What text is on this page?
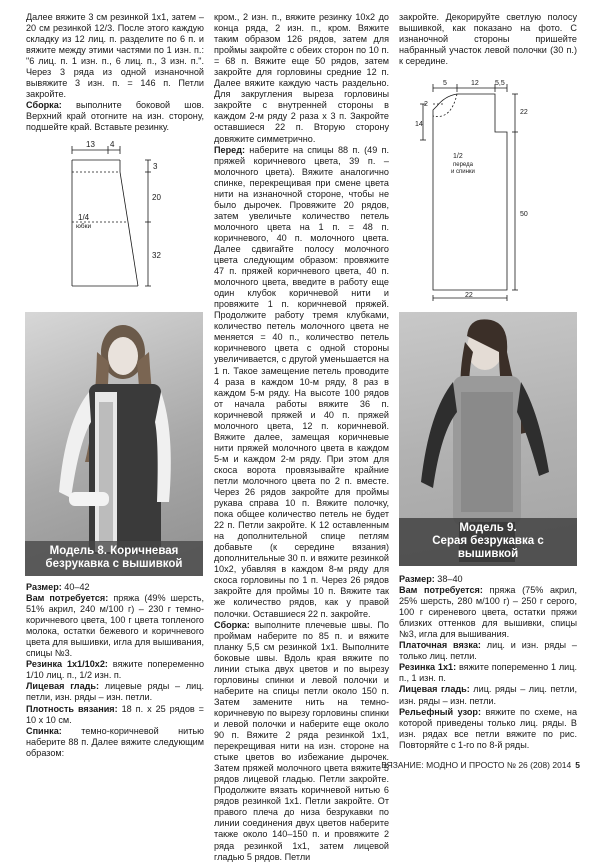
Далее вяжите 3 см резинкой 1х1, затем – 20 см резинкой 12/3. После этого каждую складку из 12 лиц. п. разделите по 6 п. и вяжите между этими частями по 1 изн. п.: "6 лиц. п. 1 изн. п., 6 лиц. п., 3 изн. п.". Через 3 ряда из одной изнаночной вывяжите 3 изн. п. = 146 п. Петли закройте.

Сборка: выполните боковой шов. Верхний край отогните на изн. сторону, подшейте край. Вставьте резинку.

13 4
3
20
1/4
юбки
32
Модель 8. Коричневая
безрукавка с вышивкой

Размер: 40–42

Вам потребуется: пряжа (49% шерсть, 51% акрил, 240 м/100 г) – 230 г темно-коричневого цвета, 100 г цвета топленого молока, остатки бежевого и коричневого цвета для вышивки, игла для вышивания, спицы №3.

Резинка 1х1/10х2: вяжите попеременно 1/10 лиц. п., 1/2 изн. п.

Лицевая гладь: лицевые ряды – лиц. петли, изн. ряды – изн. петли.

Плотность вязания: 18 п. х 25 рядов = 10 х 10 см.

Спинка: темно-коричневой нитью наберите 88 п. Далее вяжите следующим образом:

кром., 2 изн. п., вяжите резинку 10х2 до конца ряда, 2 изн. п., кром. Вяжите таким образом 126 рядов, затем для проймы закройте с обеих сторон по 10 п. = 68 п. Вяжите еще 50 рядов, затем закройте для горловины средние 12 п. Далее вяжите каждую часть раздельно. Для закругления выреза горловины закройте с внутренней стороны в каждом 2-м ряду 2 раза х 3 п. Закройте оставшиеся 22 п. Вторую сторону довяжите симметрично.

Перед: наберите на спицы 88 п. (49 п. пряжей коричневого цвета, 39 п. – молочного цвета). Вяжите аналогично спинке, перекрещивая при смене цвета нити на изнаночной стороне, чтобы не было дырочек. Провяжите 20 рядов, затем увеличьте количество петель молочного цвета на 1 п. = 48 п. коричневого, 40 п. молочного цвета. Далее сдвигайте полосу молочного цвета следующим образом: провяжите 47 п. пряжей коричневого цвета, 40 п. молочного цвета, введите в работу еще один клубок коричневой нити и провяжите 1 п. коричневой пряжей. Продолжите работу тремя клубками, количество петель молочного цвета не меняется = 40 п., количество петель коричневого цвета с одной стороны увеличивается, с другой уменьшается на 1 п. Такое замещение петель проводите 4 раза в каждом 10-м ряду, 8 раз в каждом 5-м ряду. На высоте 100 рядов от начала работы вяжите 36 п. коричневой пряжей и 40 п. пряжей молочного цвета, 12 п. коричневой. Вяжите далее, замещая коричневые нити пряжей молочного цвета в каждом 5-м и каждом 2-м ряду. При этом для скоса ворота провязывайте крайние петли молочного цвета по 2 п. вместе. Через 26 рядов закройте для проймы рукава справа 10 п. Вяжите полочку, пока общее количество петель не будет 22 п. Петли закройте. К 12 оставленным на дополнительной спице петлям добавьте (к середине вязания) дополнительные 30 п. и вяжите резинкой 10х2, убавляя в каждом 8-м ряду для скоса горловины по 1 п. Через 26 рядов закройте для проймы 10 п. Вяжите так же количество рядов, как у правой полочки. Оставшиеся 22 п. закройте.

Сборка: выполните плечевые швы. По проймам наберите по 85 п. и вяжите планку 5,5 см резинкой 1х1. Выполните боковые швы. Вдоль края вяжите по линии стыка двух цветов и по вырезу горловины спинки и левой полочки и наберите на спицы петли около 150 п. Затем замените нить на темно-коричневую по вырезу горловины спинки и левой полочки и наберите еще около 90 п. Вяжите 2 ряда резинкой 1х1, перекрещивая нити на изн. стороне на стыке цветов во избежание дырочек. Затем пряжей молочного цвета вяжите 5 рядов лицевой гладью. Петли закройте. Продолжите вязать коричневой нитью 6 рядов резинкой 1х1. Петли закройте. От правого плеча до низа безрукавки по линии соединения двух цветов наберите также около 140–150 п. и провяжите 2 ряда резинкой 1х1, затем лицевой гладью 5 рядов. Петли

закройте. Декорируйте светлую полосу вышивкой, как показано на фото. С изнаночной стороны пришейте набранный участок левой полочки (30 п.) к середине.

5	12 5,5
2
14
22
1/2
переда
и спинки
50
22
Модель 9.
Серая безрукавка с вышивкой

Размер: 38–40

Вам потребуется: пряжа (75% акрил, 25% шерсть, 280 м/100 г) – 250 г серого, 100 г сиреневого цвета, остатки пряжи близких оттенков для вышивки, спицы №3, игла для вышивания.

Платочная вязка: лиц. и изн. ряды – только лиц. петли.

Резинка 1х1: вяжите попеременно 1 лиц. п., 1 изн. п.

Лицевая гладь: лиц. ряды – лиц. петли, изн. ряды – изн. петли.

Рельефный узор: вяжите по схеме, на которой приведены только лиц. ряды. В изн. рядах все петли вяжите по рис. Повторяйте с 1-го по 8-й ряды.

ВЯЗАНИЕ: МОДНО И ПРОСТО № 26 (208) 2014 5
